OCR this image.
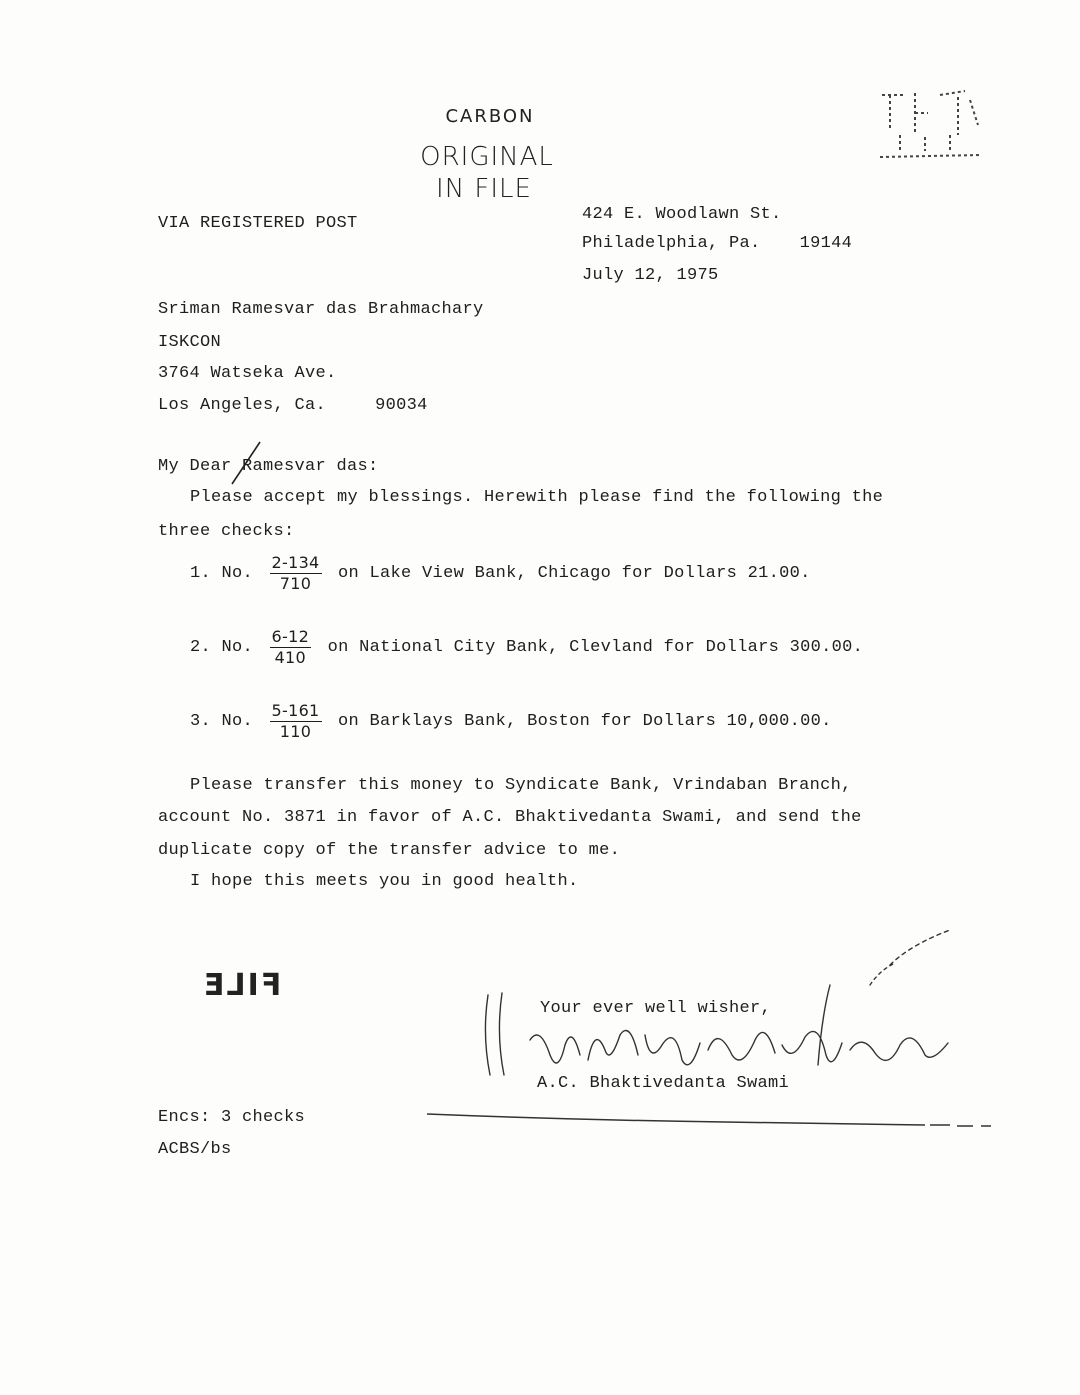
CARBON
ORIGINAL
IN FILE
VIA REGISTERED POST	424 E. Woodlawn St.
Philadelphia, Pa. 19144
July 12, 1975
Sriman Ramesvar das Brahmachary
ISKCON
3764 Watseka Ave.
Los Angeles, Ca.	90034
My Dear Ramesvar das:
Please accept my blessings. Herewith please find the following the
three checks:
1. No. $\frac{2-134}{710}$ on Lake View Bank, Chicago for Dollars 21.00.
2. No. $\frac{6-12}{410}$ on National City Bank, Clevland for Dollars 300.00.
3. No. $\frac{5-161}{110}$ on Barklays Bank, Boston for Dollars 10,000.00.
Please transfer this money to Syndicate Bank, Vrindaban Branch,
account No. 3871 in favor of A.C. Bhaktivedanta Swami, and send the
duplicate copy of the transfer advice to me.
I hope this meets you in good health.
FILE
Your ever well wisher,
A.C. Bhaktivedanta Swami
Encs: 3 checks
ACBS/bs
